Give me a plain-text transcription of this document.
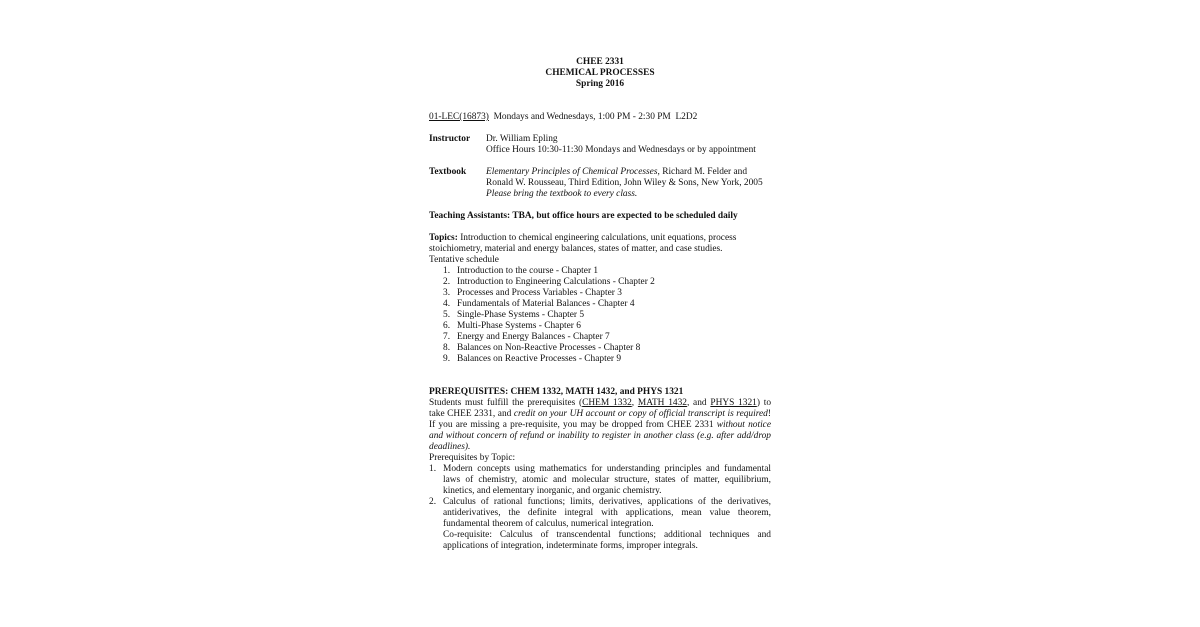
CHEE 2331
CHEMICAL PROCESSES
Spring 2016
01-LEC(16873)  Mondays and Wednesdays, 1:00 PM - 2:30 PM  L2D2
Instructor	Dr. William Epling
Office Hours 10:30-11:30 Mondays and Wednesdays or by appointment
Textbook	Elementary Principles of Chemical Processes, Richard M. Felder and Ronald W. Rousseau, Third Edition, John Wiley & Sons, New York, 2005
Please bring the textbook to every class.
Teaching Assistants: TBA, but office hours are expected to be scheduled daily
Topics: Introduction to chemical engineering calculations, unit equations, process stoichiometry, material and energy balances, states of matter, and case studies.
Tentative schedule
1. Introduction to the course - Chapter 1
2. Introduction to Engineering Calculations - Chapter 2
3. Processes and Process Variables - Chapter 3
4. Fundamentals of Material Balances - Chapter 4
5. Single-Phase Systems - Chapter 5
6. Multi-Phase Systems - Chapter 6
7. Energy and Energy Balances - Chapter 7
8. Balances on Non-Reactive Processes - Chapter 8
9. Balances on Reactive Processes - Chapter 9
PREREQUISITES: CHEM 1332, MATH 1432, and PHYS 1321
Students must fulfill the prerequisites (CHEM 1332, MATH 1432, and PHYS 1321) to take CHEE 2331, and credit on your UH account or copy of official transcript is required!  If you are missing a pre-requisite, you may be dropped from CHEE 2331 without notice and without concern of refund or inability to register in another class (e.g. after add/drop deadlines).
Prerequisites by Topic:
1. Modern concepts using mathematics for understanding principles and fundamental laws of chemistry, atomic and molecular structure, states of matter, equilibrium, kinetics, and elementary inorganic, and organic chemistry.
2. Calculus of rational functions; limits, derivatives, applications of the derivatives, antiderivatives, the definite integral with applications, mean value theorem, fundamental theorem of calculus, numerical integration.
Co-requisite: Calculus of transcendental functions; additional techniques and applications of integration, indeterminate forms, improper integrals.
